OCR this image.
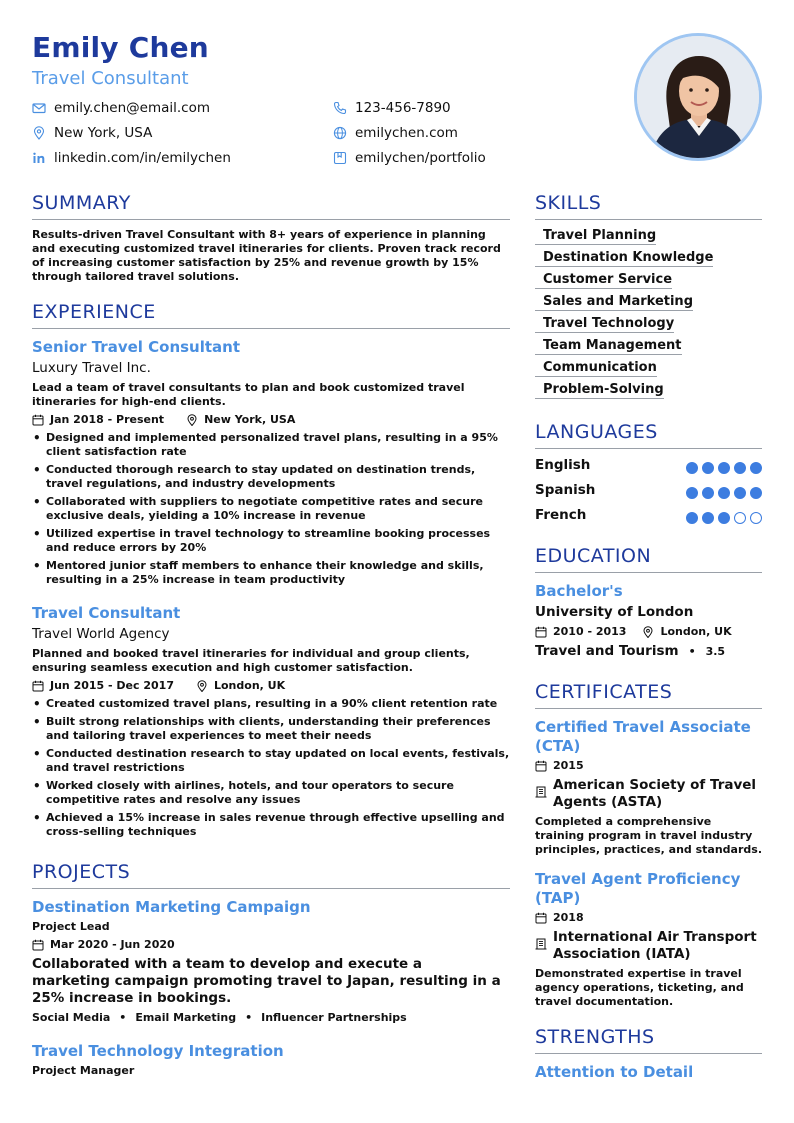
Emily Chen
Travel Consultant
emily.chen@email.com	123-456-7890
New York, USA	emilychen.com
linkedin.com/in/emilychen	emilychen/portfolio
SUMMARY
Results-driven Travel Consultant with 8+ years of experience in planning and executing customized travel itineraries for clients. Proven track record of increasing customer satisfaction by 25% and revenue growth by 15% through tailored travel solutions.
EXPERIENCE
Senior Travel Consultant
Luxury Travel Inc.
Lead a team of travel consultants to plan and book customized travel itineraries for high-end clients.
Jan 2018 - Present	New York, USA
• Designed and implemented personalized travel plans, resulting in a 95% client satisfaction rate
• Conducted thorough research to stay updated on destination trends, travel regulations, and industry developments
• Collaborated with suppliers to negotiate competitive rates and secure exclusive deals, yielding a 10% increase in revenue
• Utilized expertise in travel technology to streamline booking processes and reduce errors by 20%
• Mentored junior staff members to enhance their knowledge and skills, resulting in a 25% increase in team productivity
Travel Consultant
Travel World Agency
Planned and booked travel itineraries for individual and group clients, ensuring seamless execution and high customer satisfaction.
Jun 2015 - Dec 2017	London, UK
• Created customized travel plans, resulting in a 90% client retention rate
• Built strong relationships with clients, understanding their preferences and tailoring travel experiences to meet their needs
• Conducted destination research to stay updated on local events, festivals, and travel restrictions
• Worked closely with airlines, hotels, and tour operators to secure competitive rates and resolve any issues
• Achieved a 15% increase in sales revenue through effective upselling and cross-selling techniques
PROJECTS
Destination Marketing Campaign
Project Lead
Mar 2020 - Jun 2020
Collaborated with a team to develop and execute a marketing campaign promoting travel to Japan, resulting in a 25% increase in bookings.
Social Media • Email Marketing • Influencer Partnerships
Travel Technology Integration
Project Manager
SKILLS
Travel Planning
Destination Knowledge
Customer Service
Sales and Marketing
Travel Technology
Team Management
Communication
Problem-Solving
LANGUAGES
English
Spanish
French
EDUCATION
Bachelor's
University of London
2010 - 2013	London, UK
Travel and Tourism • 3.5
CERTIFICATES
Certified Travel Associate (CTA)
2015
American Society of Travel Agents (ASTA)
Completed a comprehensive training program in travel industry principles, practices, and standards.
Travel Agent Proficiency (TAP)
2018
International Air Transport Association (IATA)
Demonstrated expertise in travel agency operations, ticketing, and travel documentation.
STRENGTHS
Attention to Detail
